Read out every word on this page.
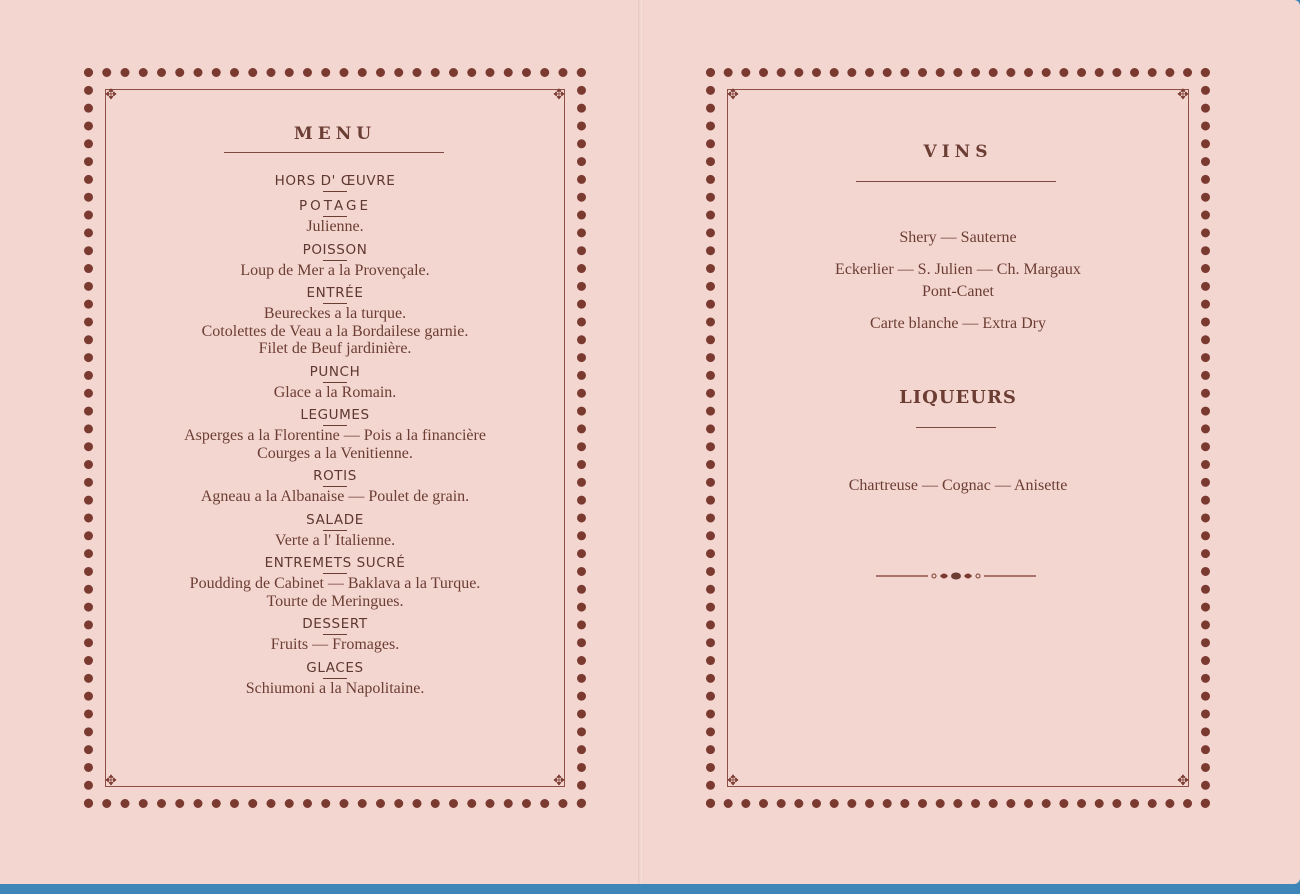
✥	✥
✥	✥
MENU
HORS D' ŒUVRE
POTAGE
Julienne.
POISSON
Loup de Mer a la Provençale.
ENTRÉE
Beureckes a la turque.
Cotolettes de Veau a la Bordailese garnie.
Filet de Beuf jardinière.
PUNCH
Glace a la Romain.
LEGUMES
Asperges a la Florentine — Pois a la financière
Courges a la Venitienne.
ROTIS
Agneau a la Albanaise — Poulet de grain.
SALADE
Verte a l' Italienne.
ENTREMETS SUCRÉ
Poudding de Cabinet — Baklava a la Turque.
Tourte de Meringues.
DESSERT
Fruits — Fromages.
GLACES
Schiumoni a la Napolitaine.
✥	✥
✥	✥
VINS
Shery — Sauterne
Eckerlier — S. Julien — Ch. Margaux
Pont-Canet
Carte blanche — Extra Dry
LIQUEURS
Chartreuse — Cognac — Anisette
